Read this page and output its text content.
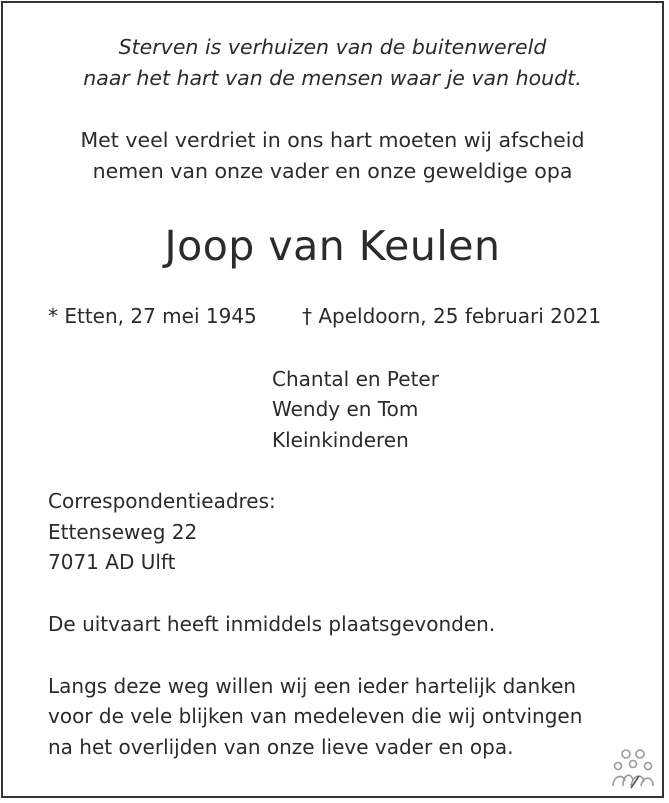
Sterven is verhuizen van de buitenwereld
naar het hart van de mensen waar je van houdt.
Met veel verdriet in ons hart moeten wij afscheid
nemen van onze vader en onze geweldige opa
Joop van Keulen
* Etten, 27 mei 1945 † Apeldoorn, 25 februari 2021
Chantal en Peter
Wendy en Tom
Kleinkinderen
Correspondentieadres:
Ettenseweg 22
7071 AD Ulft
De uitvaart heeft inmiddels plaatsgevonden.
Langs deze weg willen wij een ieder hartelijk danken
voor de vele blijken van medeleven die wij ontvingen
na het overlijden van onze lieve vader en opa.
